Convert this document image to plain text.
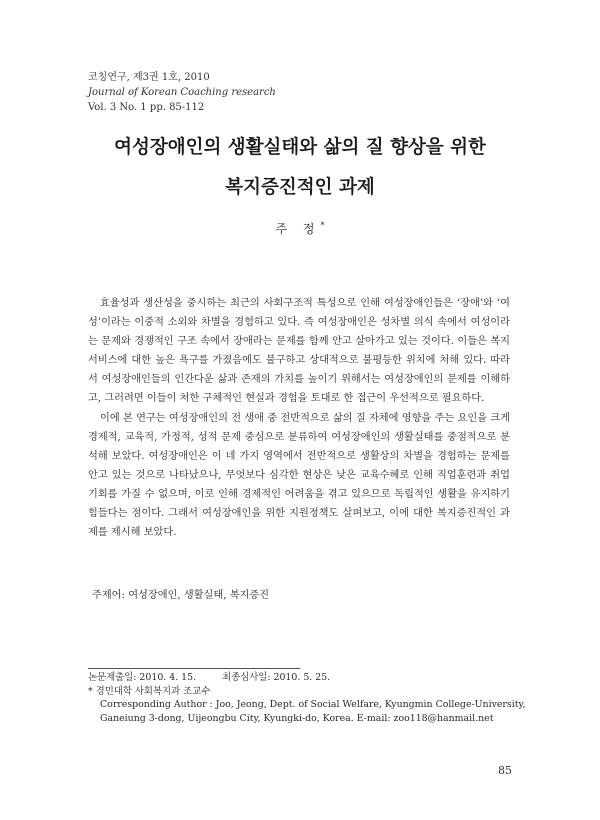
코칭연구, 제3권 1호, 2010
Journal of Korean Coaching research
Vol. 3 No. 1 pp. 85-112
여성장애인의 생활실태와 삶의 질 향상을 위한
복지증진적인 과제
주 정*

효율성과 생산성을 중시하는 최근의 사회구조적 특성으로 인해 여성장애인들은 ‘장애’와 ‘여성’이라는 이중적 소외와 차별을 경험하고 있다. 즉 여성장애인은 성차별 의식 속에서 여성이라는 문제와 경쟁적인 구조 속에서 장애라는 문제를 함께 안고 살아가고 있는 것이다. 이들은 복지서비스에 대한 높은 욕구를 가졌음에도 불구하고 상대적으로 불평등한 위치에 처해 있다. 따라서 여성장애인들의 인간다운 삶과 존재의 가치를 높이기 위해서는 여성장애인의 문제를 이해하고, 그러려면 이들이 처한 구체적인 현실과 경험을 토대로 한 접근이 우선적으로 필요하다.

이에 본 연구는 여성장애인의 전 생애 중 전반적으로 삶의 질 자체에 영향을 주는 요인을 크게 경제적, 교육적, 가정적, 성적 문제 중심으로 분류하여 여성장애인의 생활실태를 중점적으로 분석해 보았다. 여성장애인은 이 네 가지 영역에서 전반적으로 생활상의 차별을 경험하는 문제를 안고 있는 것으로 나타났으나, 무엇보다 심각한 현상은 낮은 교육수혜로 인해 직업훈련과 취업기회를 가질 수 없으며, 이로 인해 경제적인 어려움을 겪고 있으므로 독립적인 생활을 유지하기 힘들다는 점이다. 그래서 여성장애인을 위한 지원정책도 살펴보고, 이에 대한 복지증진적인 과제를 제시해 보았다.

주제어: 여성장애인, 생활실태, 복지증진
논문제출일: 2010. 4. 15.	최종심사일: 2010. 5. 25.
* 경민대학 사회복지과 조교수
Corresponding Author : Joo, Jeong, Dept. of Social Welfare, Kyungmin College-University,
Ganeiung 3-dong, Uijeongbu City, Kyungki-do, Korea. E-mail: zoo118@hanmail.net
85
